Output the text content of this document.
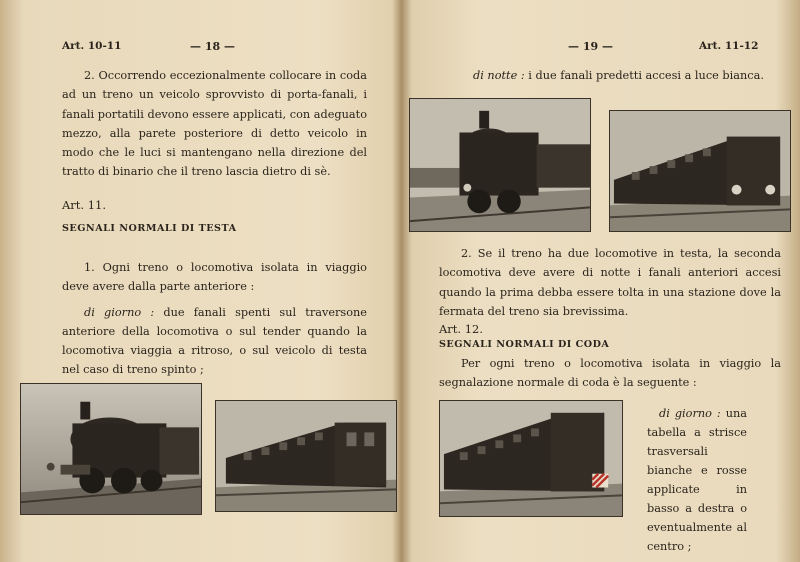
Art. 10-11	— 18 —

2. Occorrendo eccezionalmente collocare in coda ad un treno un veicolo sprovvisto di porta-fanali, i fanali portatili devono essere applicati, con adeguato mezzo, alla parete posteriore di detto veicolo in modo che le luci si mantengano nella direzione del tratto di binario che il treno lascia dietro di sè.

Art. 11.

SEGNALI NORMALI DI TESTA

1. Ogni treno o locomotiva isolata in viaggio deve avere dalla parte anteriore :

di giorno : due fanali spenti sul traversone anteriore della locomotiva o sul tender quando la locomotiva viaggia a ritroso, o sul veicolo di testa nel caso di treno spinto ;

— 19 —	Art. 11-12

di notte : i due fanali predetti accesi a luce bianca.

2. Se il treno ha due locomotive in testa, la seconda locomotiva deve avere di notte i fanali anteriori accesi quando la prima debba essere tolta in una stazione dove la fermata del treno sia brevissima.

Art. 12.

SEGNALI NORMALI DI CODA

Per ogni treno o locomotiva isolata in viaggio la segnalazione normale di coda è la seguente :

di giorno : una tabella a strisce trasversali bianche e rosse applicate in basso a destra o eventualmente al centro ;
